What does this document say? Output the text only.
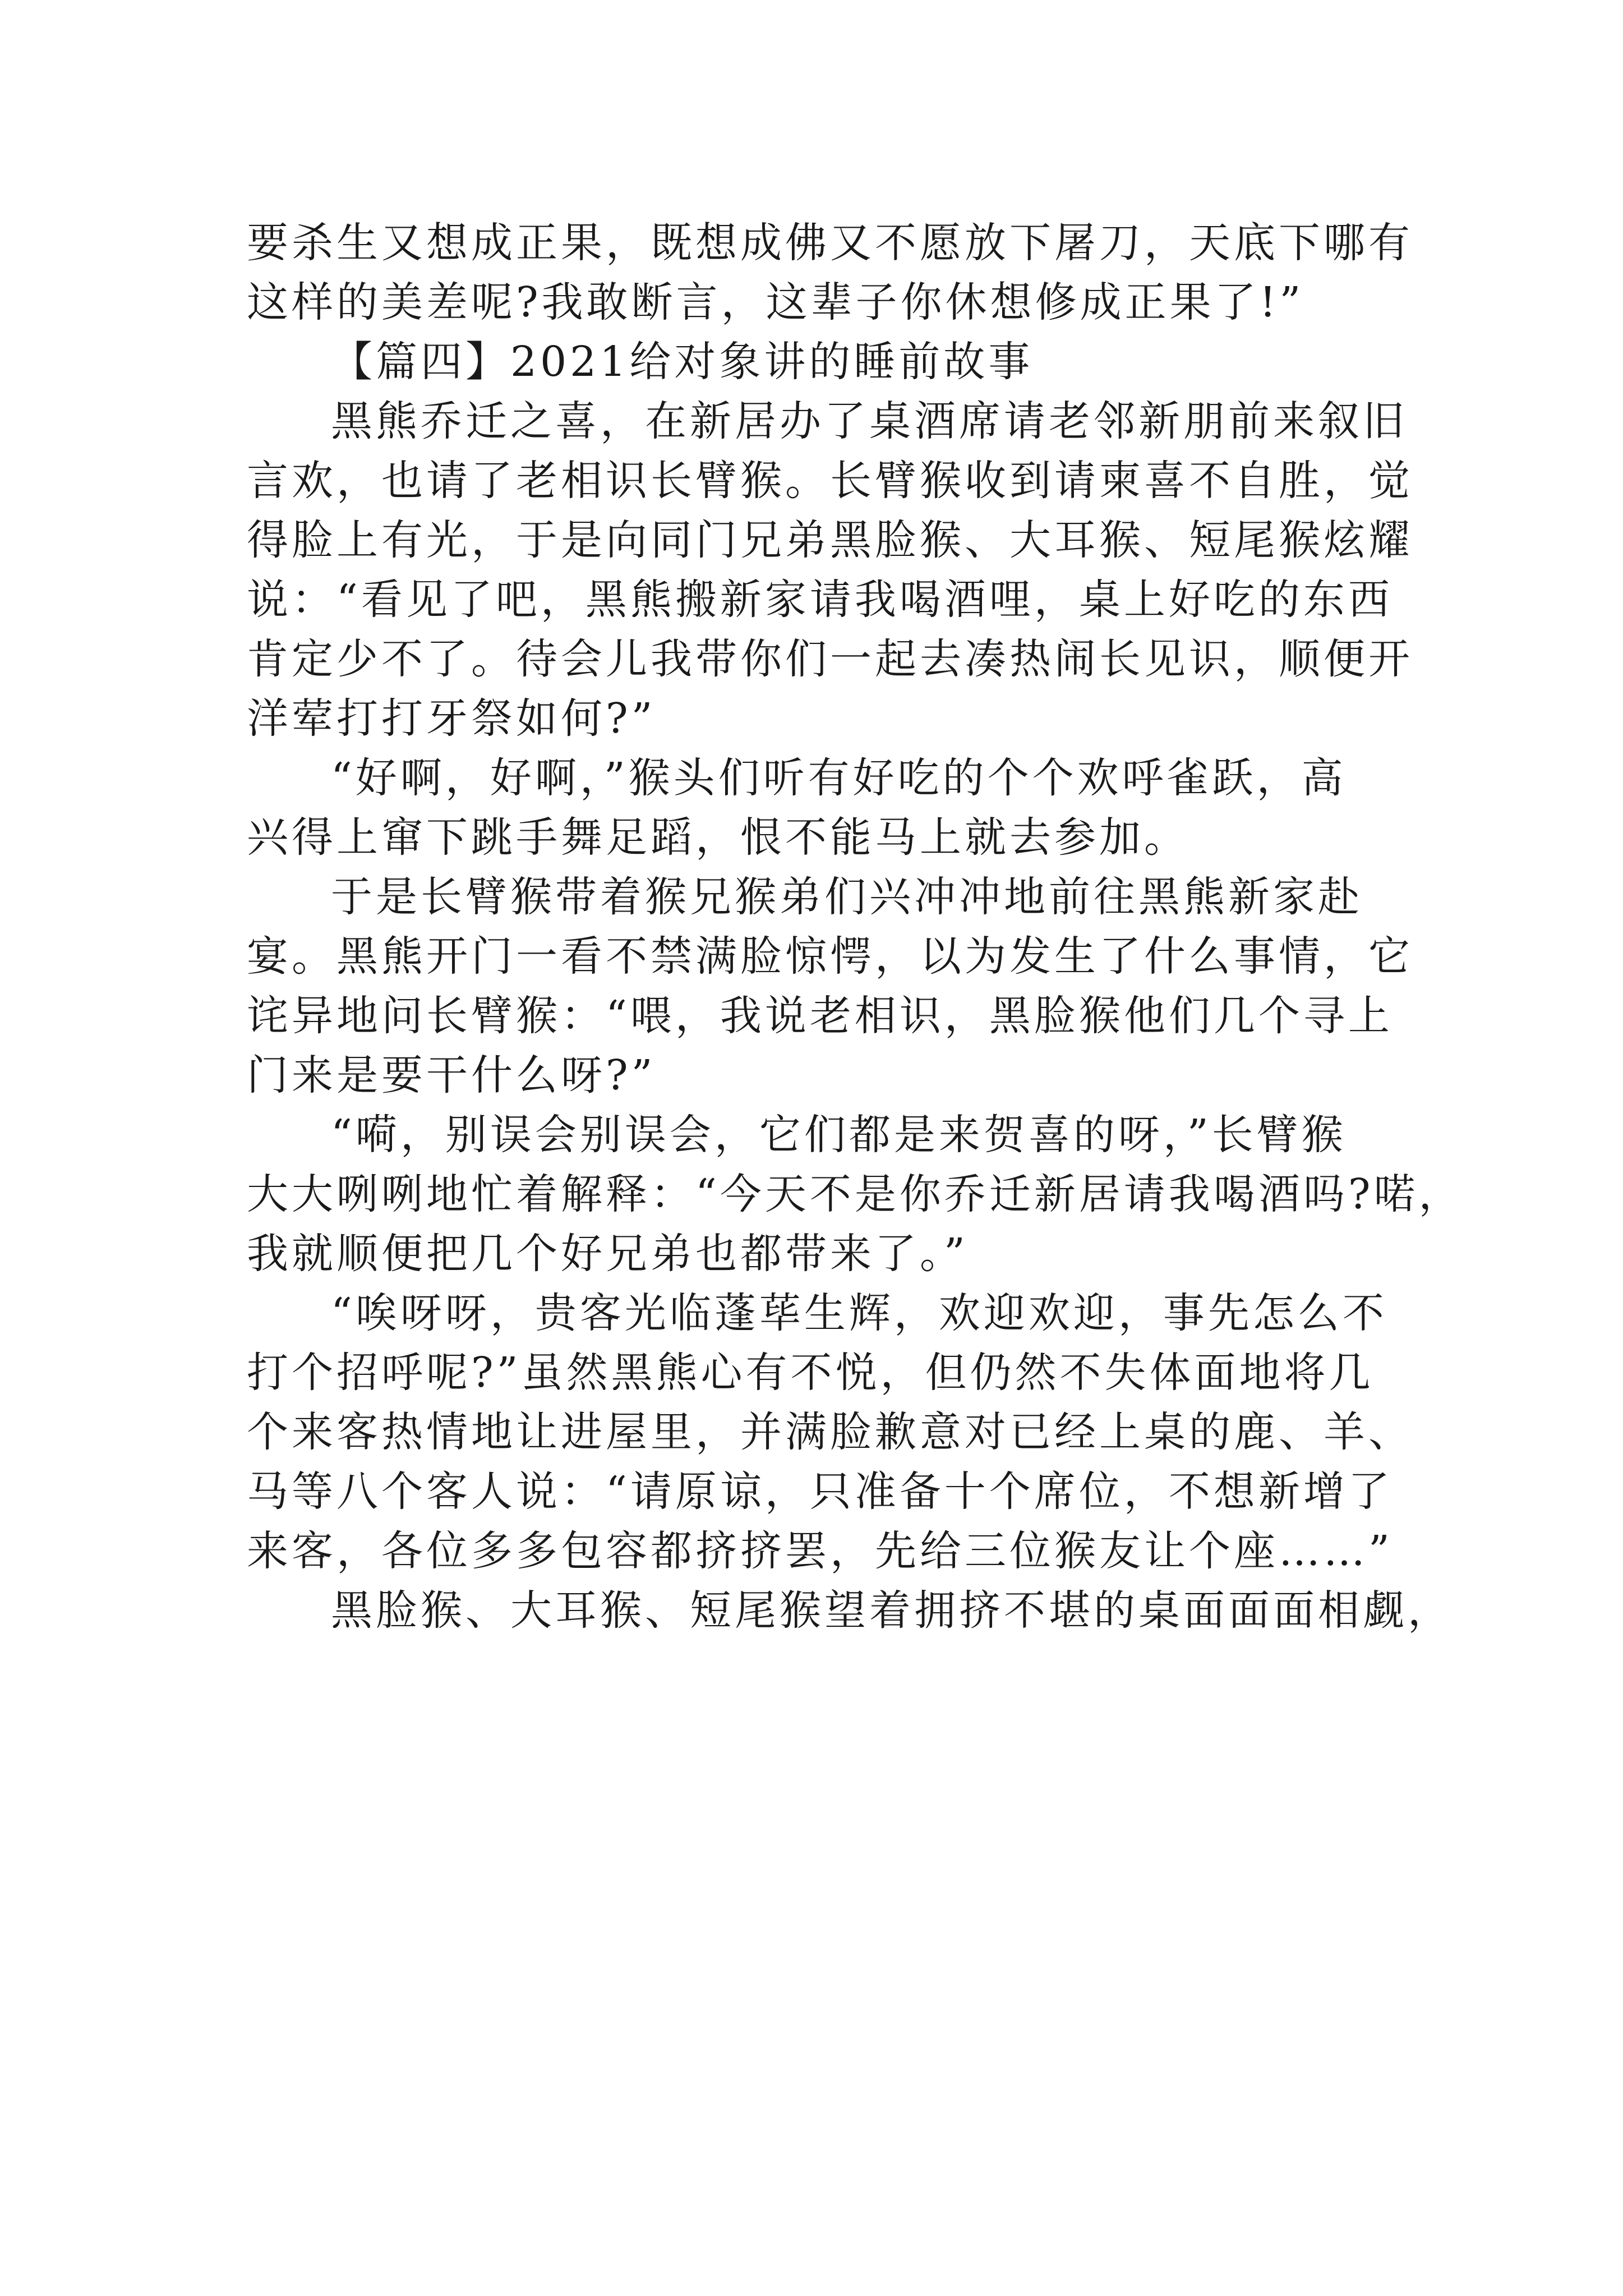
要杀生又想成正果，既想成佛又不愿放下屠刀，天底下哪有
这样的美差呢?我敢断言，这辈子你休想修成正果了!”
【篇四】2021给对象讲的睡前故事
黑熊乔迁之喜，在新居办了桌酒席请老邻新朋前来叙旧
言欢，也请了老相识长臂猴。长臂猴收到请柬喜不自胜，觉
得脸上有光，于是向同门兄弟黑脸猴、大耳猴、短尾猴炫耀
说：“看见了吧，黑熊搬新家请我喝酒哩，桌上好吃的东西
肯定少不了。待会儿我带你们一起去凑热闹长见识，顺便开
洋荤打打牙祭如何?”
“好啊，好啊，”猴头们听有好吃的个个欢呼雀跃，高
兴得上窜下跳手舞足蹈，恨不能马上就去参加。
于是长臂猴带着猴兄猴弟们兴冲冲地前往黑熊新家赴
宴。黑熊开门一看不禁满脸惊愕，以为发生了什么事情，它
诧异地问长臂猴：“喂，我说老相识，黑脸猴他们几个寻上
门来是要干什么呀?”
“嗬，别误会别误会，它们都是来贺喜的呀，”长臂猴
大大咧咧地忙着解释：“今天不是你乔迁新居请我喝酒吗?喏，
我就顺便把几个好兄弟也都带来了。”
“唉呀呀，贵客光临蓬荜生辉，欢迎欢迎，事先怎么不
打个招呼呢?”虽然黑熊心有不悦，但仍然不失体面地将几
个来客热情地让进屋里，并满脸歉意对已经上桌的鹿、羊、
马等八个客人说：“请原谅，只准备十个席位，不想新增了
来客，各位多多包容都挤挤罢，先给三位猴友让个座……”
黑脸猴、大耳猴、短尾猴望着拥挤不堪的桌面面面相觑，
